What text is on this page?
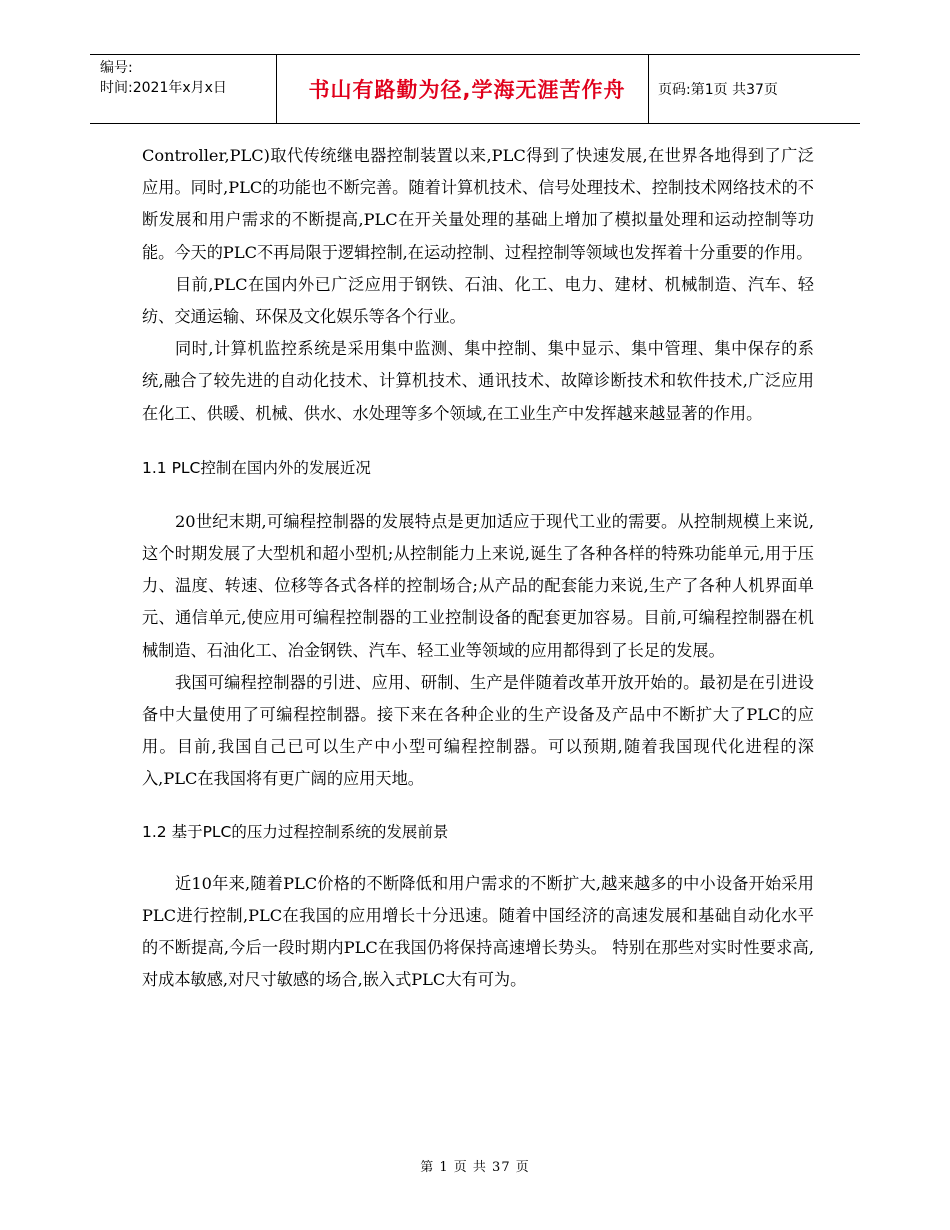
编号:
时间:2021年x月x日	书山有路勤为径,学海无涯苦作舟	页码:第1页 共37页

Controller,PLC)取代传统继电器控制装置以来,PLC得到了快速发展,在世界各地得到了广泛应用。同时,PLC的功能也不断完善。随着计算机技术、信号处理技术、控制技术网络技术的不断发展和用户需求的不断提高,PLC在开关量处理的基础上增加了模拟量处理和运动控制等功能。今天的PLC不再局限于逻辑控制,在运动控制、过程控制等领域也发挥着十分重要的作用。

目前,PLC在国内外已广泛应用于钢铁、石油、化工、电力、建材、机械制造、汽车、轻纺、交通运输、环保及文化娱乐等各个行业。

同时,计算机监控系统是采用集中监测、集中控制、集中显示、集中管理、集中保存的系统,融合了较先进的自动化技术、计算机技术、通讯技术、故障诊断技术和软件技术,广泛应用在化工、供暖、机械、供水、水处理等多个领域,在工业生产中发挥越来越显著的作用。

1.1 PLC控制在国内外的发展近况

20世纪末期,可编程控制器的发展特点是更加适应于现代工业的需要。从控制规模上来说,这个时期发展了大型机和超小型机;从控制能力上来说,诞生了各种各样的特殊功能单元,用于压力、温度、转速、位移等各式各样的控制场合;从产品的配套能力来说,生产了各种人机界面单元、通信单元,使应用可编程控制器的工业控制设备的配套更加容易。目前,可编程控制器在机械制造、石油化工、冶金钢铁、汽车、轻工业等领域的应用都得到了长足的发展。

我国可编程控制器的引进、应用、研制、生产是伴随着改革开放开始的。最初是在引进设备中大量使用了可编程控制器。接下来在各种企业的生产设备及产品中不断扩大了PLC的应用。目前,我国自己已可以生产中小型可编程控制器。可以预期,随着我国现代化进程的深入,PLC在我国将有更广阔的应用天地。

1.2 基于PLC的压力过程控制系统的发展前景

近10年来,随着PLC价格的不断降低和用户需求的不断扩大,越来越多的中小设备开始采用PLC进行控制,PLC在我国的应用增长十分迅速。随着中国经济的高速发展和基础自动化水平的不断提高,今后一段时期内PLC在我国仍将保持高速增长势头。 特别在那些对实时性要求高,对成本敏感,对尺寸敏感的场合,嵌入式PLC大有可为。

第 1 页 共 37 页
